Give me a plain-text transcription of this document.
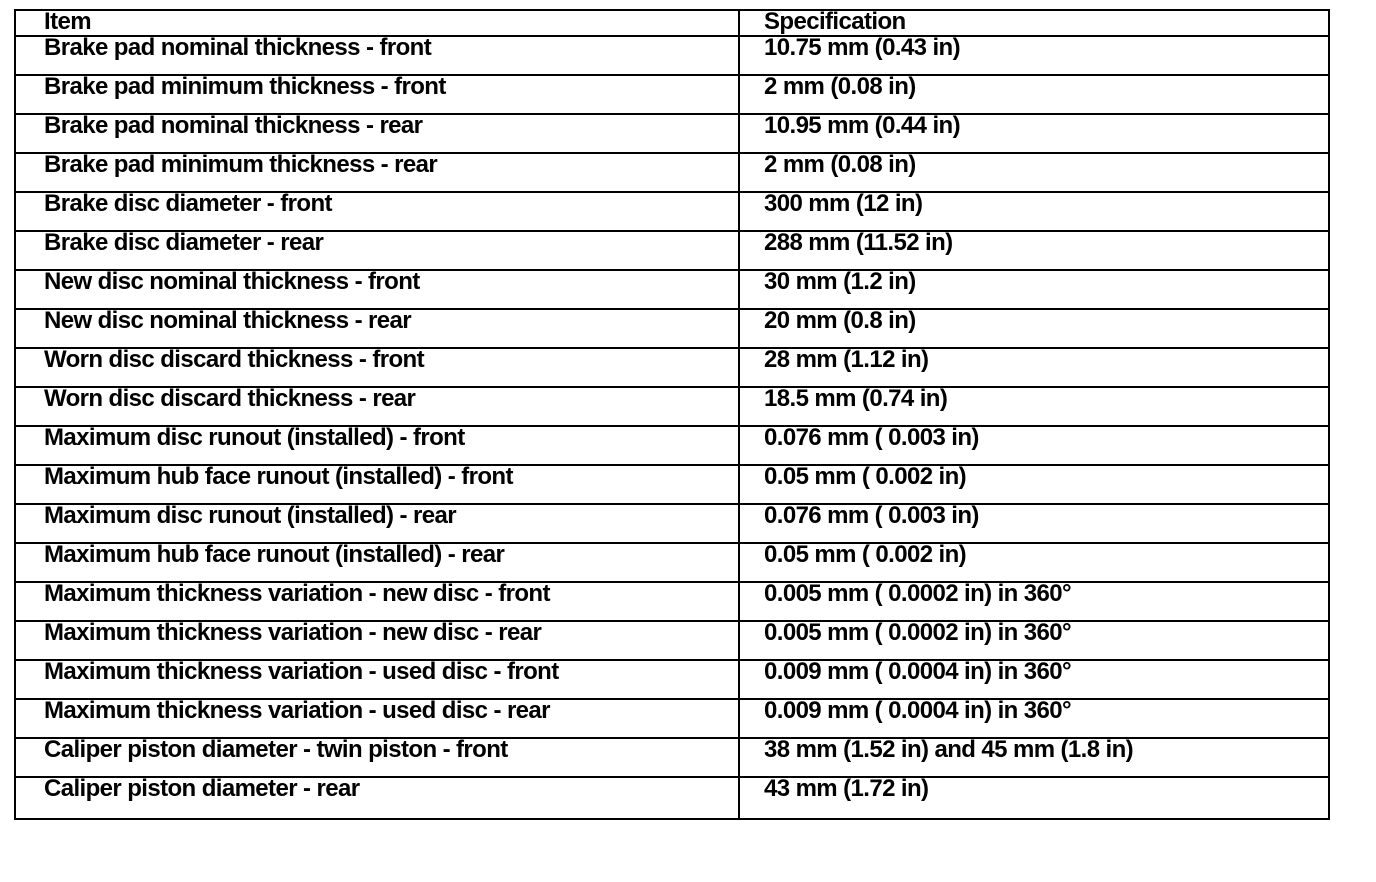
Item	Specification
Brake pad nominal thickness - front	10.75 mm (0.43 in)
Brake pad minimum thickness - front	2 mm (0.08 in)
Brake pad nominal thickness - rear	10.95 mm (0.44 in)
Brake pad minimum thickness - rear	2 mm (0.08 in)
Brake disc diameter - front	300 mm (12 in)
Brake disc diameter - rear	288 mm (11.52 in)
New disc nominal thickness - front	30 mm (1.2 in)
New disc nominal thickness - rear	20 mm (0.8 in)
Worn disc discard thickness - front	28 mm (1.12 in)
Worn disc discard thickness - rear	18.5 mm (0.74 in)
Maximum disc runout (installed) - front	0.076 mm ( 0.003 in)
Maximum hub face runout (installed) - front	0.05 mm ( 0.002 in)
Maximum disc runout (installed) - rear	0.076 mm ( 0.003 in)
Maximum hub face runout (installed) - rear	0.05 mm ( 0.002 in)
Maximum thickness variation - new disc - front	0.005 mm ( 0.0002 in) in 360°
Maximum thickness variation - new disc - rear	0.005 mm ( 0.0002 in) in 360°
Maximum thickness variation - used disc - front	0.009 mm ( 0.0004 in) in 360°
Maximum thickness variation - used disc - rear	0.009 mm ( 0.0004 in) in 360°
Caliper piston diameter - twin piston - front	38 mm (1.52 in) and 45 mm (1.8 in)
Caliper piston diameter - rear	43 mm (1.72 in)
